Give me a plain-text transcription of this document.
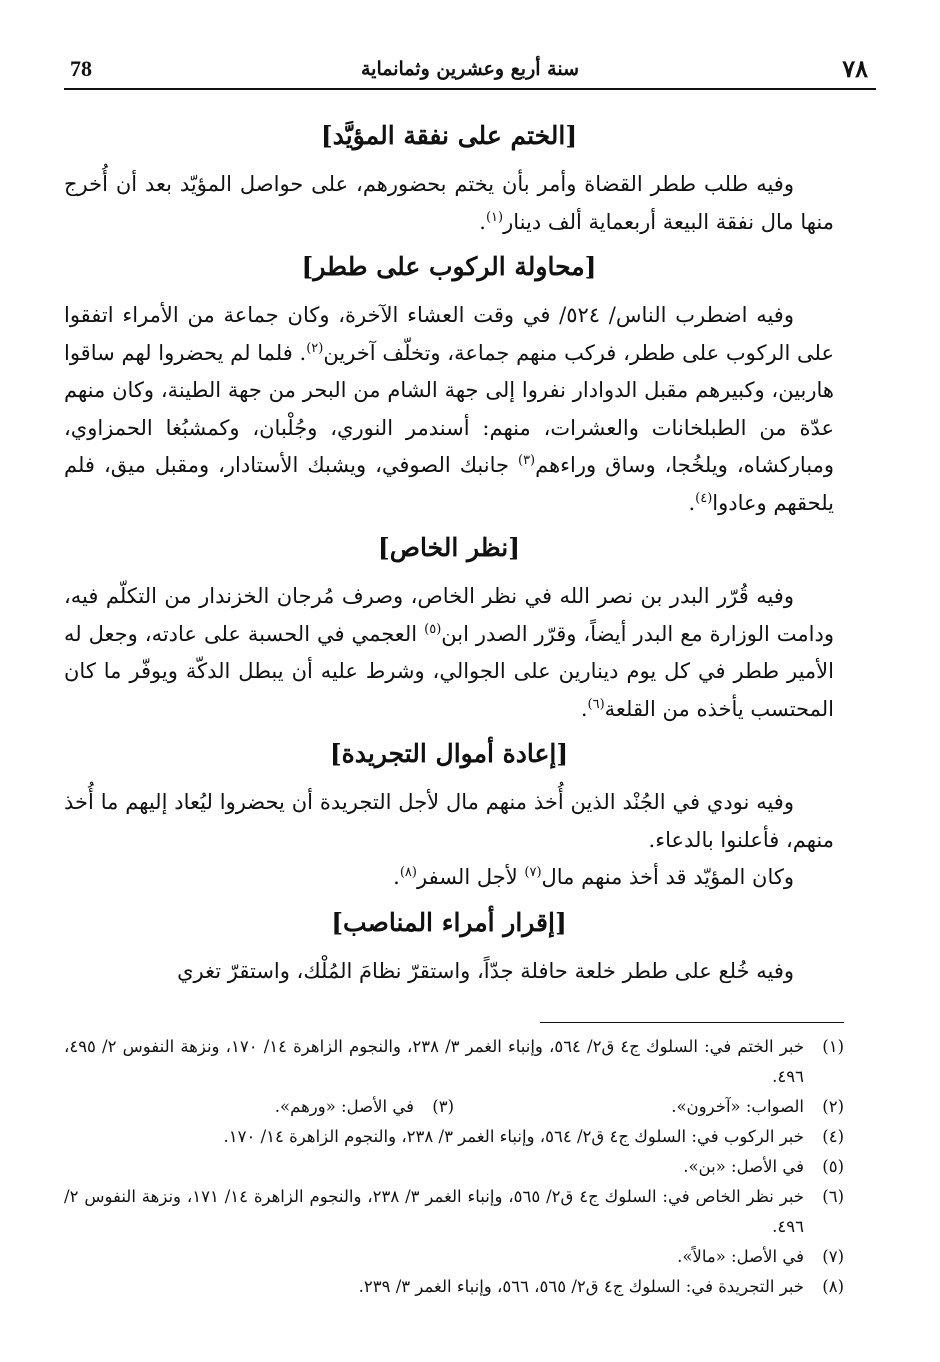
78	سنة أربع وعشرين وثمانماية	٧٨
[الختم على نفقة المؤيَّد]

وفيه طلب ططر القضاة وأمر بأن يختم بحضورهم، على حواصل المؤيّد بعد أن أُخرج منها مال نفقة البيعة أربعماية ألف دينار$^{(١)}$.

[محاولة الركوب على ططر]

وفيه اضطرب الناس/ ٥٢٤/ في وقت العشاء الآخرة، وكان جماعة من الأمراء اتفقوا على الركوب على ططر، فركب منهم جماعة، وتخلّف آخرين$^{(٢)}$. فلما لم يحضروا لهم ساقوا هاربين، وكبيرهم مقبل الدوادار نفروا إلى جهة الشام من البحر من جهة الطينة، وكان منهم عدّة من الطبلخانات والعشرات، منهم: أسندمر النوري، وجُلْبان، وكمشبُغا الحمزاوي، ومباركشاه، ويلخُجا، وساق وراءهم$^{(٣)}$ جانبك الصوفي، ويشبك الأستادار، ومقبل ميق، فلم يلحقهم وعادوا$^{(٤)}$.

[نظر الخاص]

وفيه قُرّر البدر بن نصر الله في نظر الخاص، وصرف مُرجان الخزندار من التكلّم فيه، ودامت الوزارة مع البدر أيضاً، وقرّر الصدر ابن$^{(٥)}$ العجمي في الحسبة على عادته، وجعل له الأمير ططر في كل يوم دينارين على الجوالي، وشرط عليه أن يبطل الدكّة ويوفّر ما كان المحتسب يأخذه من القلعة$^{(٦)}$.

[إعادة أموال التجريدة]

وفيه نودي في الجُنْد الذين أُخذ منهم مال لأجل التجريدة أن يحضروا ليُعاد إليهم ما أُخذ منهم، فأعلنوا بالدعاء.

وكان المؤيّد قد أخذ منهم مال$^{(٧)}$ لأجل السفر$^{(٨)}$.

[إقرار أمراء المناصب]

وفيه خُلع على ططر خلعة حافلة جدّاً، واستقرّ نظامَ المُلْك، واستقرّ تغري

(١)
خبر الختم في: السلوك ج٤ ق٢/ ٥٦٤، وإنباء الغمر ٣/ ٢٣٨، والنجوم الزاهرة ١٤/ ١٧٠، ونزهة النفوس ٢/ ٤٩٥، ٤٩٦.
(٢)
الصواب: «آخرون».
(٣)
في الأصل: «ورهم».
(٤)
خبر الركوب في: السلوك ج٤ ق٢/ ٥٦٤، وإنباء الغمر ٣/ ٢٣٨، والنجوم الزاهرة ١٤/ ١٧٠.
(٥)
في الأصل: «بن».
(٦)
خبر نظر الخاص في: السلوك ج٤ ق٢/ ٥٦٥، وإنباء الغمر ٣/ ٢٣٨، والنجوم الزاهرة ١٤/ ١٧١، ونزهة النفوس ٢/ ٤٩٦.
(٧)
في الأصل: «مالاً».
(٨)
خبر التجريدة في: السلوك ج٤ ق٢/ ٥٦٥، ٥٦٦، وإنباء الغمر ٣/ ٢٣٩.
